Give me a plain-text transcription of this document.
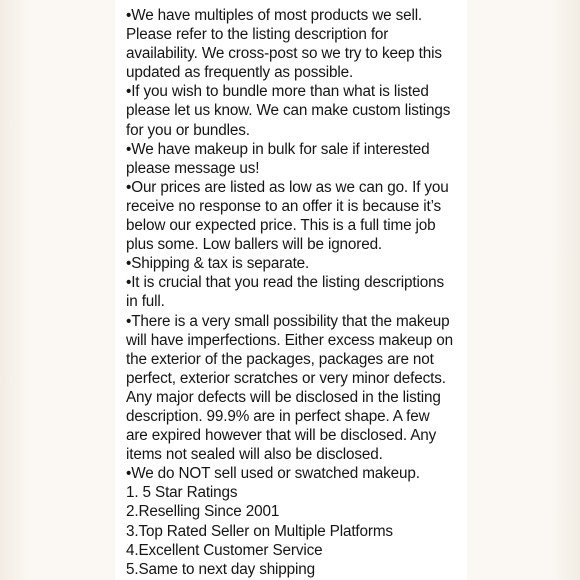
•We have multiples of most products we sell.
Please refer to the listing description for
availability. We cross-post so we try to keep this
updated as frequently as possible.
•If you wish to bundle more than what is listed
please let us know. We can make custom listings
for you or bundles.
•We have makeup in bulk for sale if interested
please message us!
•Our prices are listed as low as we can go. If you
receive no response to an offer it is because it’s
below our expected price. This is a full time job
plus some. Low ballers will be ignored.
•Shipping & tax is separate.
•It is crucial that you read the listing descriptions
in full.
•There is a very small possibility that the makeup
will have imperfections. Either excess makeup on
the exterior of the packages, packages are not
perfect, exterior scratches or very minor defects.
Any major defects will be disclosed in the listing
description. 99.9% are in perfect shape. A few
are expired however that will be disclosed. Any
items not sealed will also be disclosed.
•We do NOT sell used or swatched makeup.
1. 5 Star Ratings
2.Reselling Since 2001
3.Top Rated Seller on Multiple Platforms
4.Excellent Customer Service
5.Same to next day shipping
